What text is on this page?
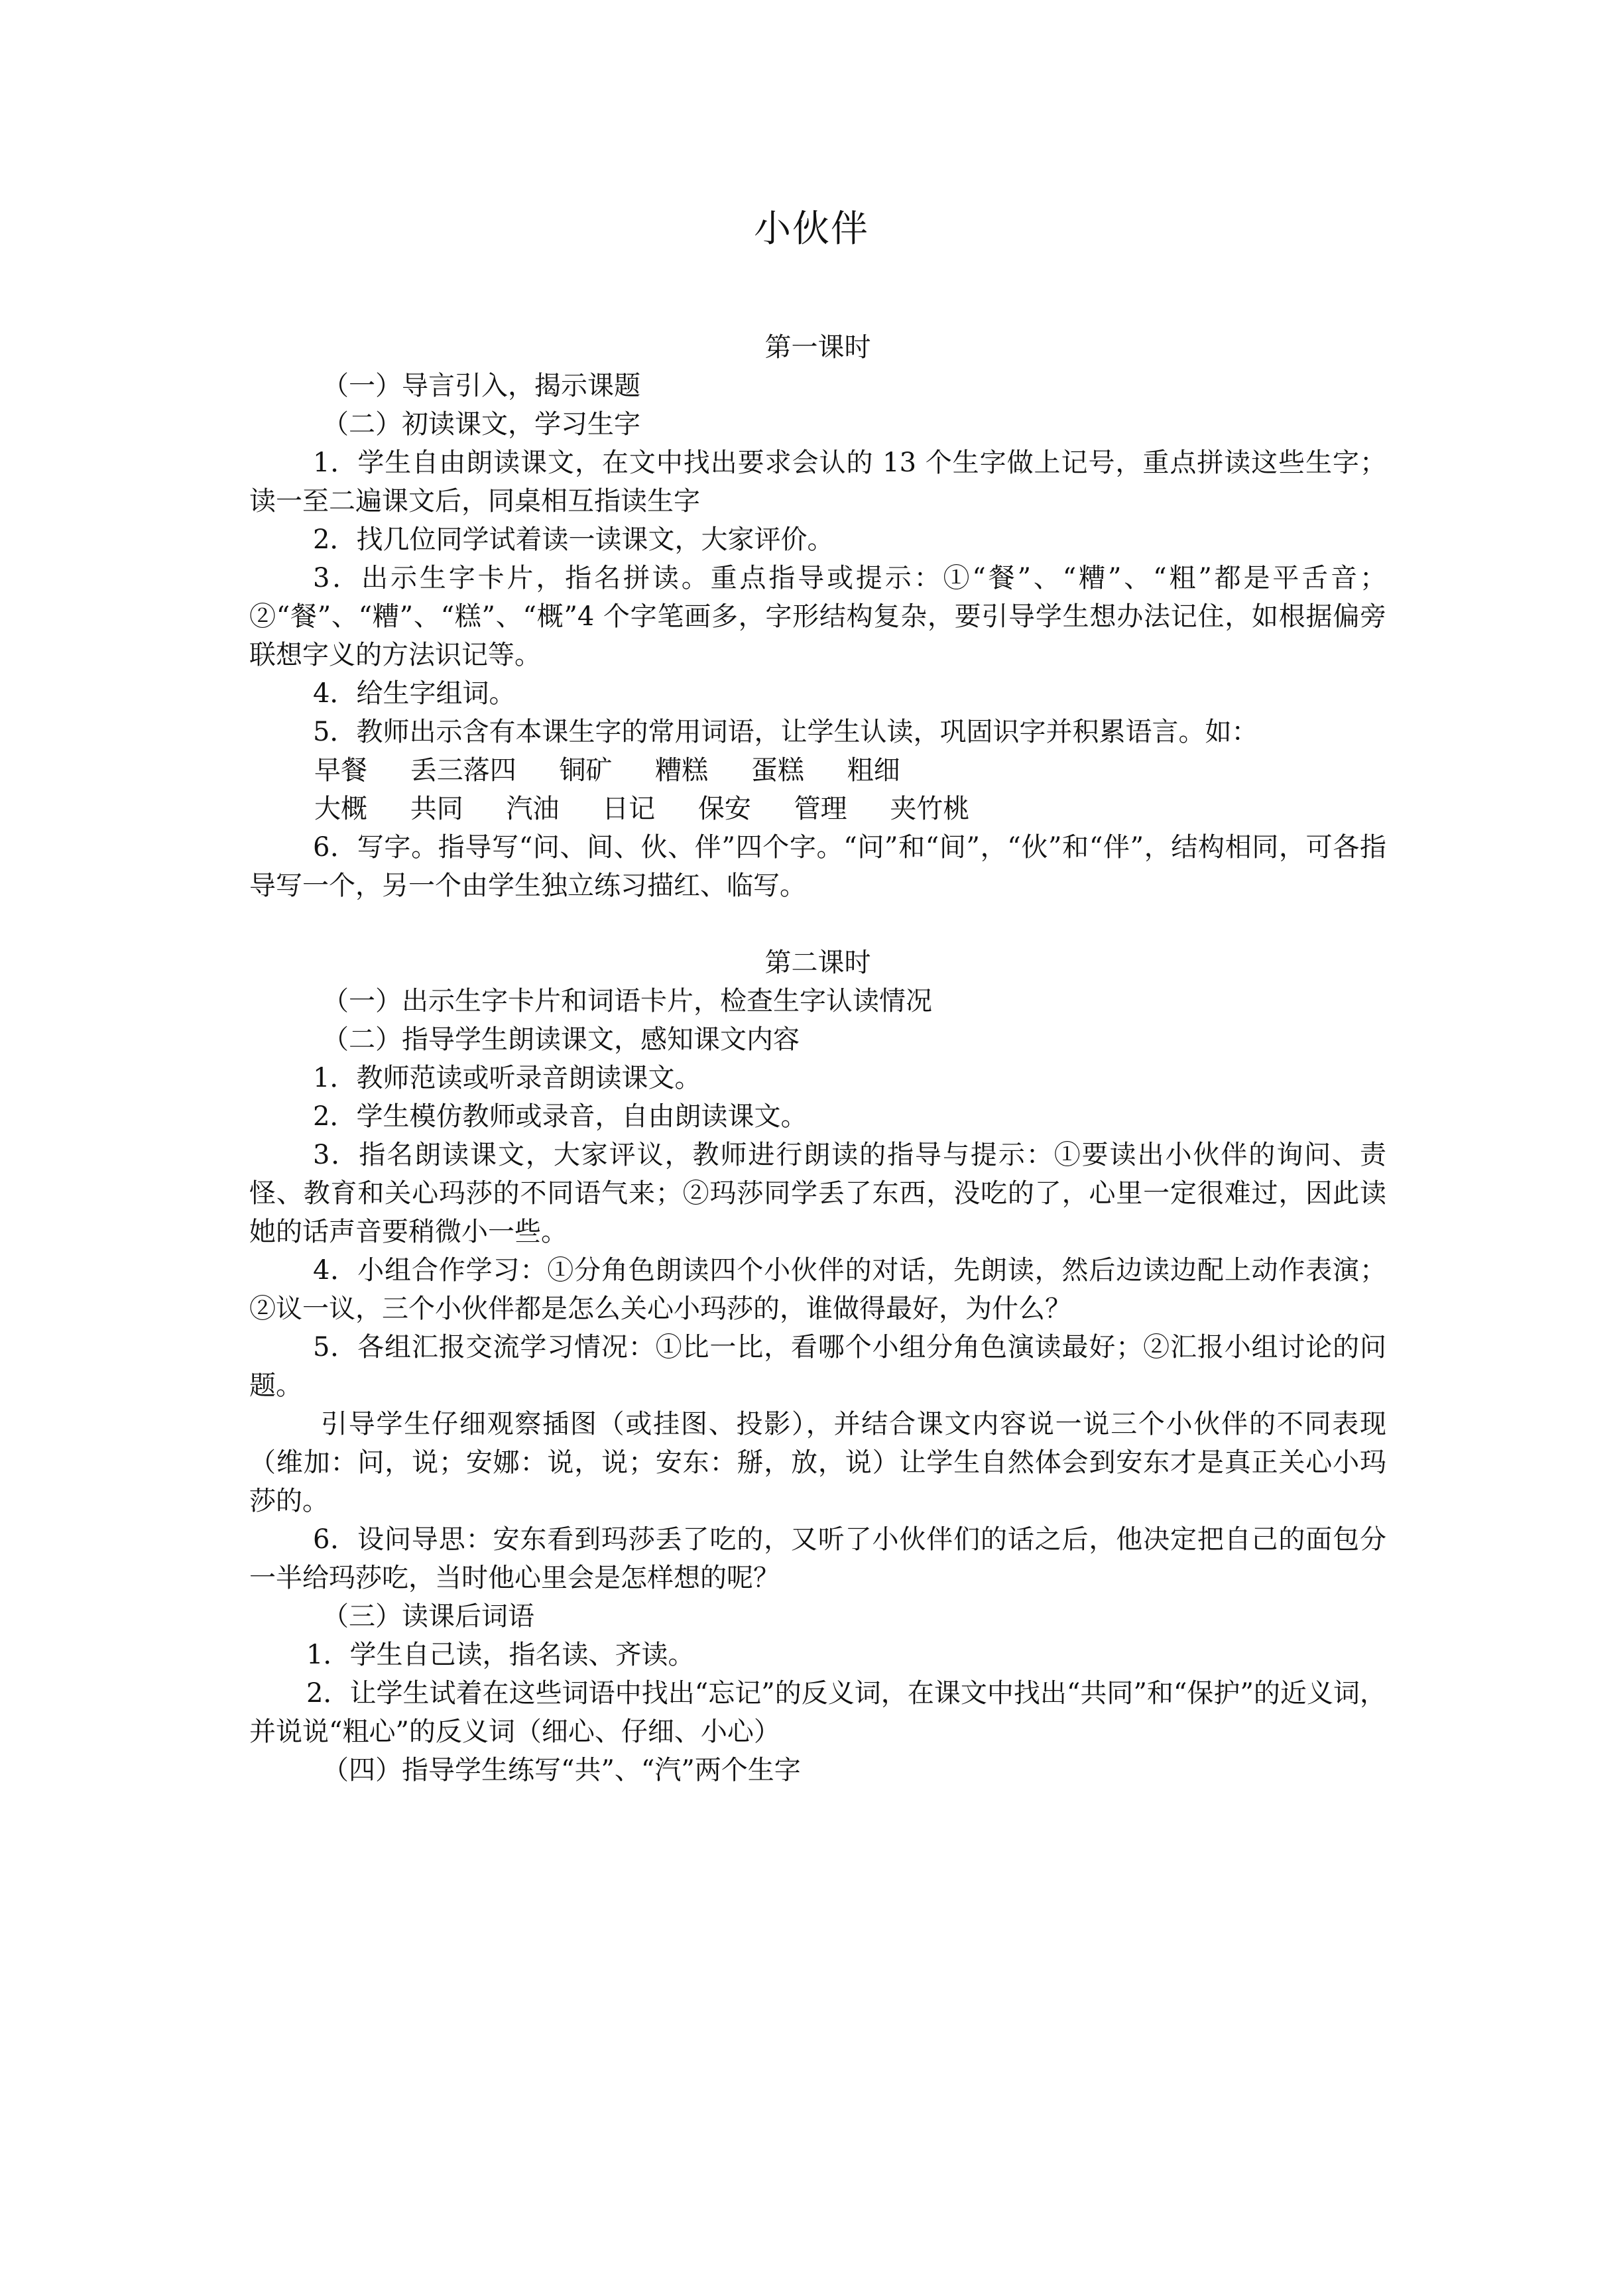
小伙伴

第一课时

（一）导言引入，揭示课题

（二）初读课文，学习生字

1．学生自由朗读课文，在文中找出要求会认的 13 个生字做上记号，重点拼读这些生字；读一至二遍课文后，同桌相互指读生字

2．找几位同学试着读一读课文，大家评价。

3．出示生字卡片，指名拼读。重点指导或提示：①“餐”、“糟”、“粗”都是平舌音；②“餐”、“糟”、“糕”、“概”4 个字笔画多，字形结构复杂，要引导学生想办法记住，如根据偏旁联想字义的方法识记等。

4．给生字组词。

5．教师出示含有本课生字的常用词语，让学生认读，巩固识字并积累语言。如：

早餐 丢三落四 铜矿 糟糕 蛋糕 粗细

大概 共同 汽油 日记 保安 管理 夹竹桃

6．写字。指导写“问、间、伙、伴”四个字。“问”和“间”，“伙”和“伴”，结构相同，可各指导写一个，另一个由学生独立练习描红、临写。

第二课时

（一）出示生字卡片和词语卡片，检查生字认读情况

（二）指导学生朗读课文，感知课文内容

1．教师范读或听录音朗读课文。

2．学生模仿教师或录音，自由朗读课文。

3．指名朗读课文，大家评议，教师进行朗读的指导与提示：①要读出小伙伴的询问、责怪、教育和关心玛莎的不同语气来；②玛莎同学丢了东西，没吃的了，心里一定很难过，因此读她的话声音要稍微小一些。

4．小组合作学习：①分角色朗读四个小伙伴的对话，先朗读，然后边读边配上动作表演；②议一议，三个小伙伴都是怎么关心小玛莎的，谁做得最好，为什么？

5．各组汇报交流学习情况：①比一比，看哪个小组分角色演读最好；②汇报小组讨论的问题。

引导学生仔细观察插图（或挂图、投影），并结合课文内容说一说三个小伙伴的不同表现（维加：问，说；安娜：说，说；安东：掰，放，说）让学生自然体会到安东才是真正关心小玛莎的。

6．设问导思：安东看到玛莎丢了吃的，又听了小伙伴们的话之后，他决定把自己的面包分一半给玛莎吃，当时他心里会是怎样想的呢？

（三）读课后词语

1．学生自己读，指名读、齐读。

2．让学生试着在这些词语中找出“忘记”的反义词，在课文中找出“共同”和“保护”的近义词，并说说“粗心”的反义词（细心、仔细、小心）

（四）指导学生练写“共”、“汽”两个生字
